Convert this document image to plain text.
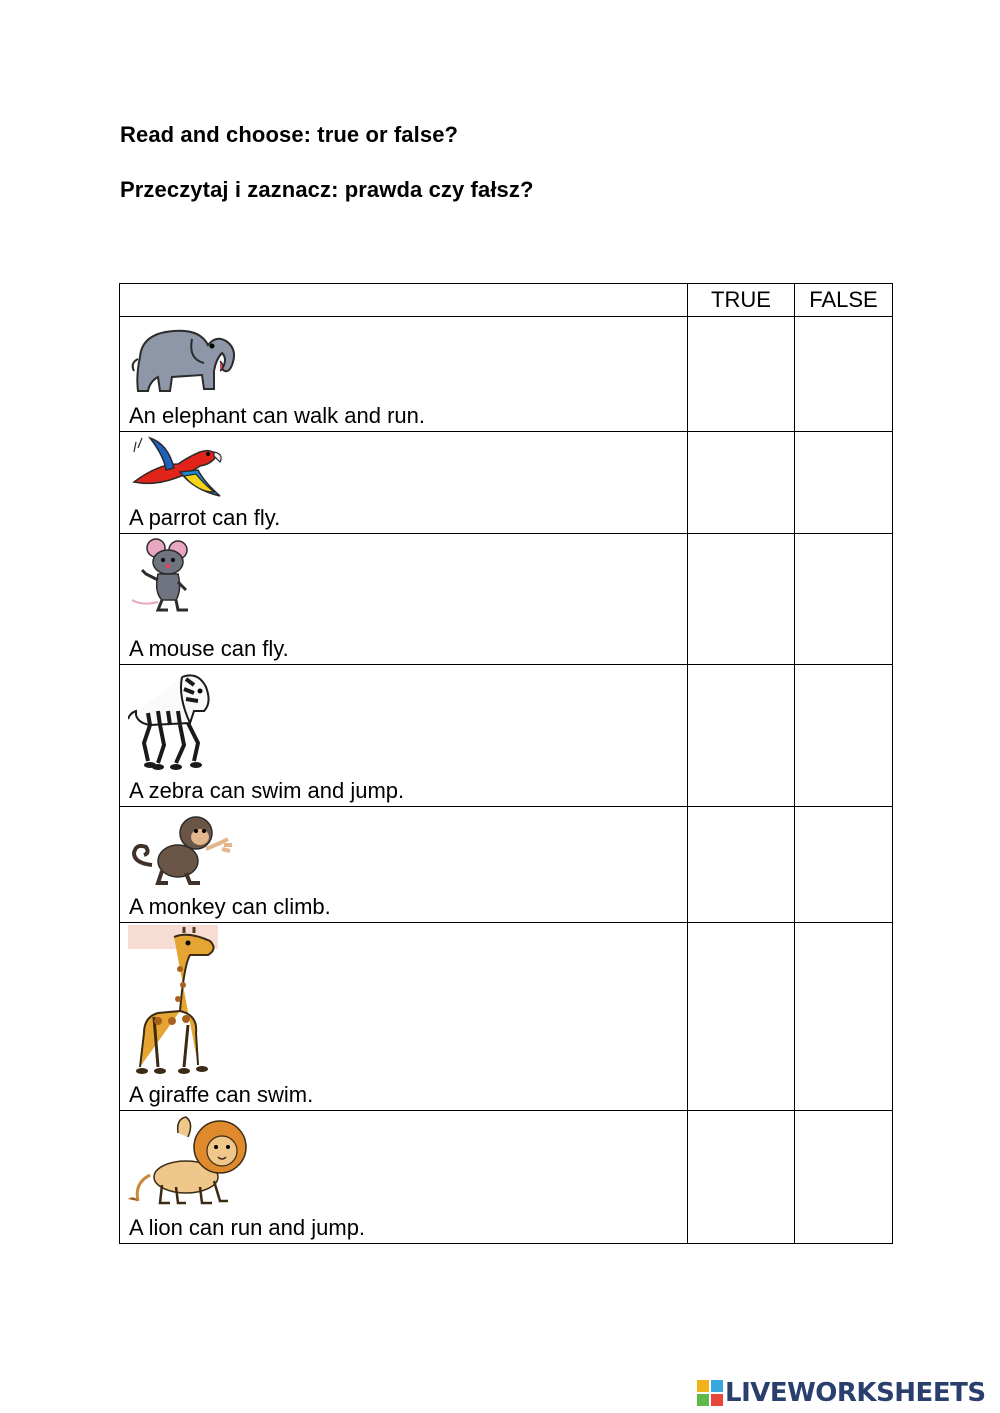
Read and choose: true or false?
Przeczytaj i zaznacz: prawda czy fałsz?
	TRUE	FALSE

An elephant can walk and run.		

A parrot can fly.		

A mouse can fly.		

A zebra can swim and jump.		

A monkey can climb.		

A giraffe can swim.		

A lion can run and jump.		

LIVEWORKSHEETS
